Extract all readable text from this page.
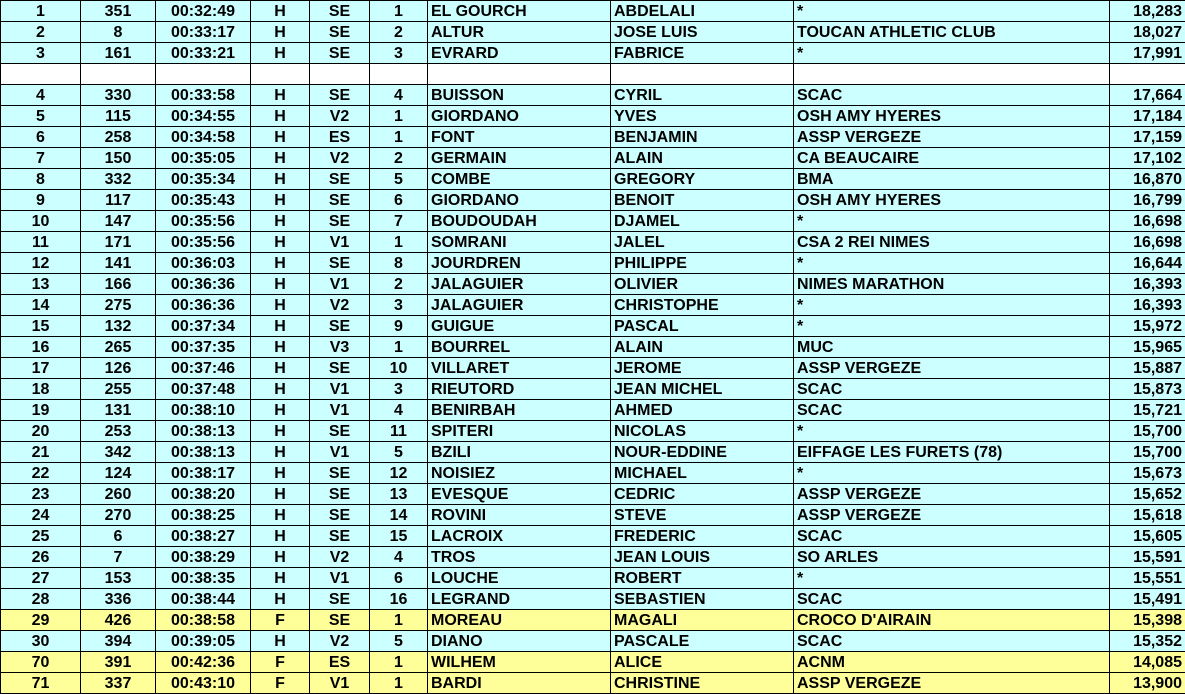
1	351	00:32:49	H	SE	1	EL GOURCH	ABDELALI	*	18,283
2	8	00:33:17	H	SE	2	ALTUR	JOSE LUIS	TOUCAN ATHLETIC CLUB	18,027
3	161	00:33:21	H	SE	3	EVRARD	FABRICE	*	17,991

4	330	00:33:58	H	SE	4	BUISSON	CYRIL	SCAC	17,664
5	115	00:34:55	H	V2	1	GIORDANO	YVES	OSH AMY HYERES	17,184
6	258	00:34:58	H	ES	1	FONT	BENJAMIN	ASSP VERGEZE	17,159
7	150	00:35:05	H	V2	2	GERMAIN	ALAIN	CA BEAUCAIRE	17,102
8	332	00:35:34	H	SE	5	COMBE	GREGORY	BMA	16,870
9	117	00:35:43	H	SE	6	GIORDANO	BENOIT	OSH AMY HYERES	16,799
10	147	00:35:56	H	SE	7	BOUDOUDAH	DJAMEL	*	16,698
11	171	00:35:56	H	V1	1	SOMRANI	JALEL	CSA 2 REI NIMES	16,698
12	141	00:36:03	H	SE	8	JOURDREN	PHILIPPE	*	16,644
13	166	00:36:36	H	V1	2	JALAGUIER	OLIVIER	NIMES MARATHON	16,393
14	275	00:36:36	H	V2	3	JALAGUIER	CHRISTOPHE	*	16,393
15	132	00:37:34	H	SE	9	GUIGUE	PASCAL	*	15,972
16	265	00:37:35	H	V3	1	BOURREL	ALAIN	MUC	15,965
17	126	00:37:46	H	SE	10	VILLARET	JEROME	ASSP VERGEZE	15,887
18	255	00:37:48	H	V1	3	RIEUTORD	JEAN MICHEL	SCAC	15,873
19	131	00:38:10	H	V1	4	BENIRBAH	AHMED	SCAC	15,721
20	253	00:38:13	H	SE	11	SPITERI	NICOLAS	*	15,700
21	342	00:38:13	H	V1	5	BZILI	NOUR-EDDINE	EIFFAGE LES FURETS (78)	15,700
22	124	00:38:17	H	SE	12	NOISIEZ	MICHAEL	*	15,673
23	260	00:38:20	H	SE	13	EVESQUE	CEDRIC	ASSP VERGEZE	15,652
24	270	00:38:25	H	SE	14	ROVINI	STEVE	ASSP VERGEZE	15,618
25	6	00:38:27	H	SE	15	LACROIX	FREDERIC	SCAC	15,605
26	7	00:38:29	H	V2	4	TROS	JEAN LOUIS	SO ARLES	15,591
27	153	00:38:35	H	V1	6	LOUCHE	ROBERT	*	15,551
28	336	00:38:44	H	SE	16	LEGRAND	SEBASTIEN	SCAC	15,491
29	426	00:38:58	F	SE	1	MOREAU	MAGALI	CROCO D'AIRAIN	15,398
30	394	00:39:05	H	V2	5	DIANO	PASCALE	SCAC	15,352
70	391	00:42:36	F	ES	1	WILHEM	ALICE	ACNM	14,085
71	337	00:43:10	F	V1	1	BARDI	CHRISTINE	ASSP VERGEZE	13,900
